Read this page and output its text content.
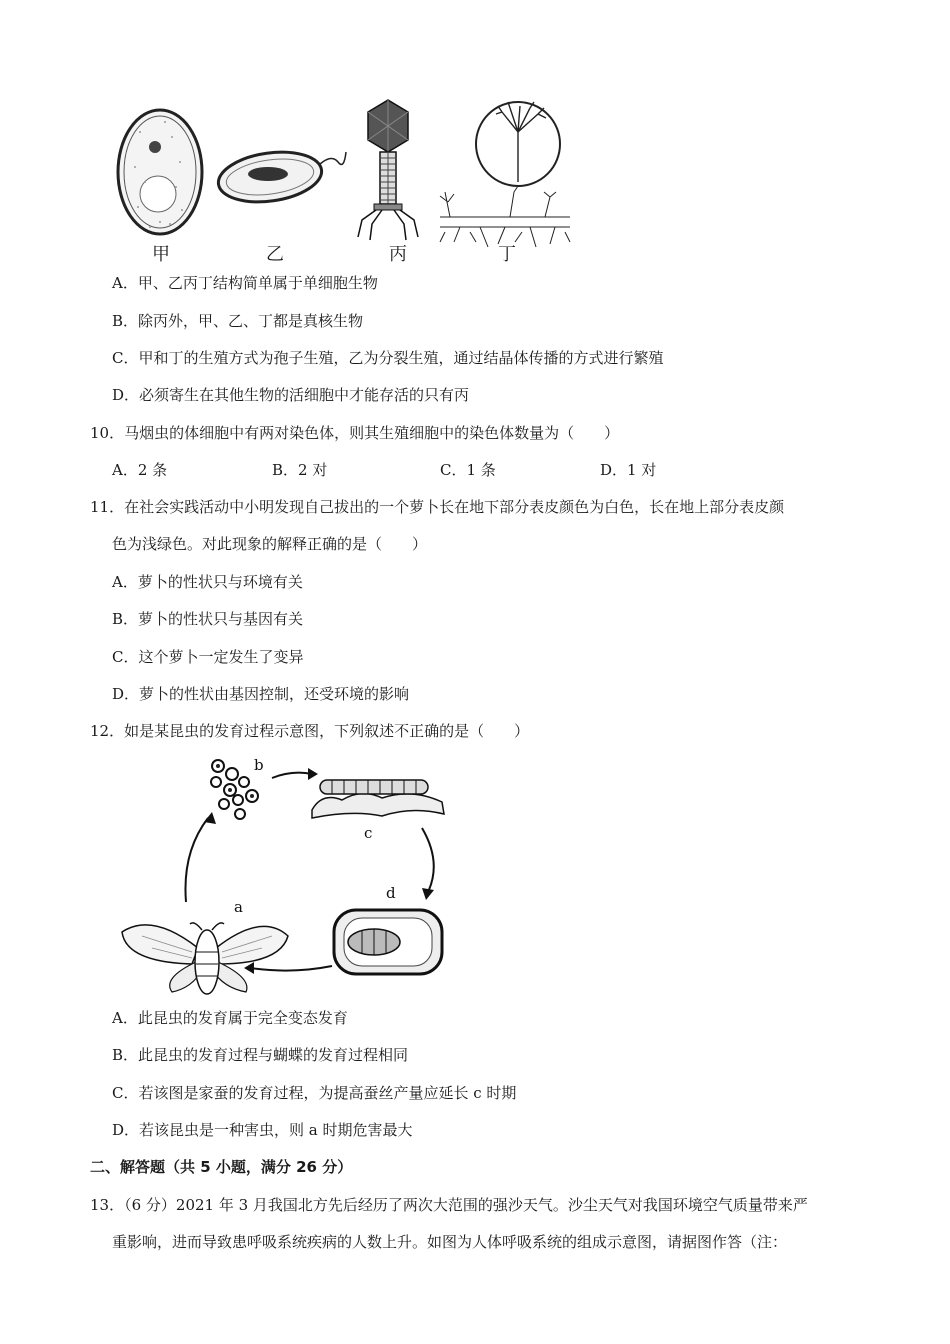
甲	乙	丙	丁
A．甲、乙丙丁结构简单属于单细胞生物
B．除丙外，甲、乙、丁都是真核生物
C．甲和丁的生殖方式为孢子生殖，乙为分裂生殖，通过结晶体传播的方式进行繁殖
D．必须寄生在其他生物的活细胞中才能存活的只有丙
10．马烟虫的体细胞中有两对染色体，则其生殖细胞中的染色体数量为（　　）
A．2 条	B．2 对	C．1 条	D．1 对
11．在社会实践活动中小明发现自己拔出的一个萝卜长在地下部分表皮颜色为白色，长在地上部分表皮颜
色为浅绿色。对此现象的解释正确的是（　　）
A．萝卜的性状只与环境有关
B．萝卜的性状只与基因有关
C．这个萝卜一定发生了变异
D．萝卜的性状由基因控制，还受环境的影响
12．如是某昆虫的发育过程示意图，下列叙述不正确的是（　　）
b
c
d
a
A．此昆虫的发育属于完全变态发育
B．此昆虫的发育过程与蝴蝶的发育过程相同
C．若该图是家蚕的发育过程，为提高蚕丝产量应延长 c 时期
D．若该昆虫是一种害虫，则 a 时期危害最大
二、解答题（共 5 小题，满分 26 分）
13．（6 分）2021 年 3 月我国北方先后经历了两次大范围的强沙天气。沙尘天气对我国环境空气质量带来严
重影响，进而导致患呼吸系统疾病的人数上升。如图为人体呼吸系统的组成示意图，请据图作答（注：
